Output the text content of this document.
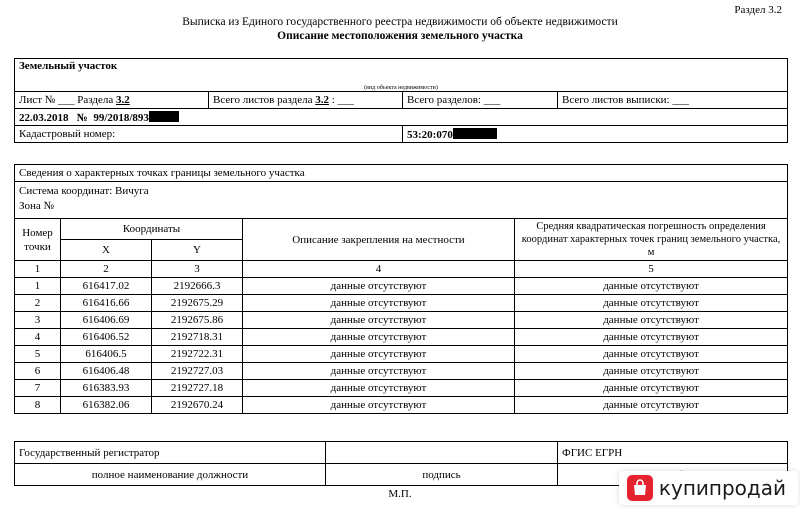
Раздел 3.2
Выписка из Единого государственного реестра недвижимости об объекте недвижимости
Описание местоположения земельного участка
Земельный участок			
(вид объекта недвижимости)			
Лист № ___ Раздела 3.2	Всего листов раздела 3.2 : ___	Всего разделов: ___	Всего листов выписки: ___
22.03.2018 № 99/2018/893			
Кадастровый номер:		53:20:070	
Сведения о характерных точках границы земельного участка				

Система координат: Вичуга
Зона №				

Номер точки	Координаты		Описание закрепления на местности	Средняя квадратическая погрешность определения координат характерных точек границ земельного участка, м
	X	Y		
1	2	3	4	5
1	616417.02	2192666.3	данные отсутствуют	данные отсутствуют
2	616416.66	2192675.29	данные отсутствуют	данные отсутствуют
3	616406.69	2192675.86	данные отсутствуют	данные отсутствуют
4	616406.52	2192718.31	данные отсутствуют	данные отсутствуют
5	616406.5	2192722.31	данные отсутствуют	данные отсутствуют
6	616406.48	2192727.03	данные отсутствуют	данные отсутствуют
7	616383.93	2192727.18	данные отсутствуют	данные отсутствуют
8	616382.06	2192670.24	данные отсутствуют	данные отсутствуют
Государственный регистратор		ФГИС ЕГРН
полное наименование должности	подпись	
М.П.	купипродай
